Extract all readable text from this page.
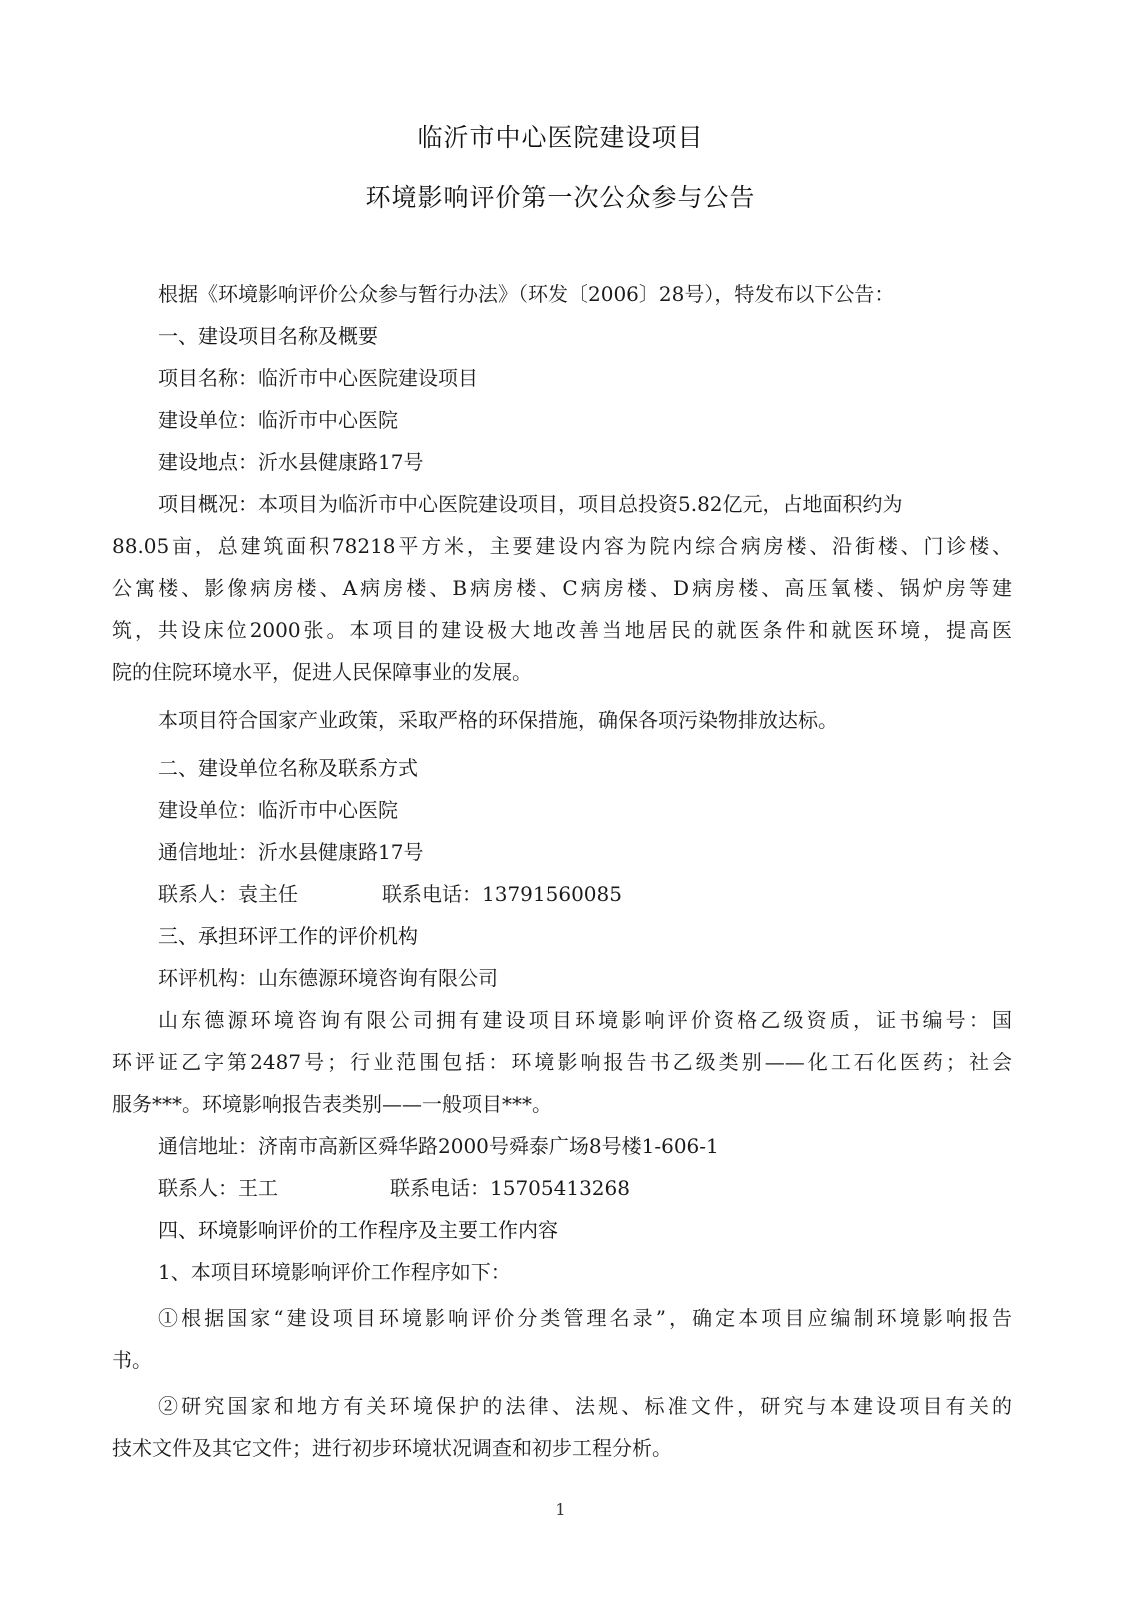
临沂市中心医院建设项目
环境影响评价第一次公众参与公告
根据《环境影响评价公众参与暂行办法》（环发〔2006〕28号），特发布以下公告：
一、建设项目名称及概要
项目名称：临沂市中心医院建设项目
建设单位：临沂市中心医院
建设地点：沂水县健康路17号
项目概况：本项目为临沂市中心医院建设项目，项目总投资5.82亿元，占地面积约为
88.05亩，总建筑面积78218平方米，主要建设内容为院内综合病房楼、沿街楼、门诊楼、
公寓楼、影像病房楼、A病房楼、B病房楼、C病房楼、D病房楼、高压氧楼、锅炉房等建
筑，共设床位2000张。本项目的建设极大地改善当地居民的就医条件和就医环境，提高医
院的住院环境水平，促进人民保障事业的发展。
本项目符合国家产业政策，采取严格的环保措施，确保各项污染物排放达标。
二、建设单位名称及联系方式
建设单位：临沂市中心医院
通信地址：沂水县健康路17号
联系人：袁主任	联系电话：13791560085
三、承担环评工作的评价机构
环评机构：山东德源环境咨询有限公司
山东德源环境咨询有限公司拥有建设项目环境影响评价资格乙级资质，证书编号：国
环评证乙字第2487号；行业范围包括：环境影响报告书乙级类别——化工石化医药；社会
服务***。环境影响报告表类别——一般项目***。
通信地址：济南市高新区舜华路2000号舜泰广场8号楼1-606-1
联系人：王工	联系电话：15705413268
四、环境影响评价的工作程序及主要工作内容
1、本项目环境影响评价工作程序如下：
①根据国家“建设项目环境影响评价分类管理名录”，确定本项目应编制环境影响报告
书。
②研究国家和地方有关环境保护的法律、法规、标准文件，研究与本建设项目有关的
技术文件及其它文件；进行初步环境状况调查和初步工程分析。
1
